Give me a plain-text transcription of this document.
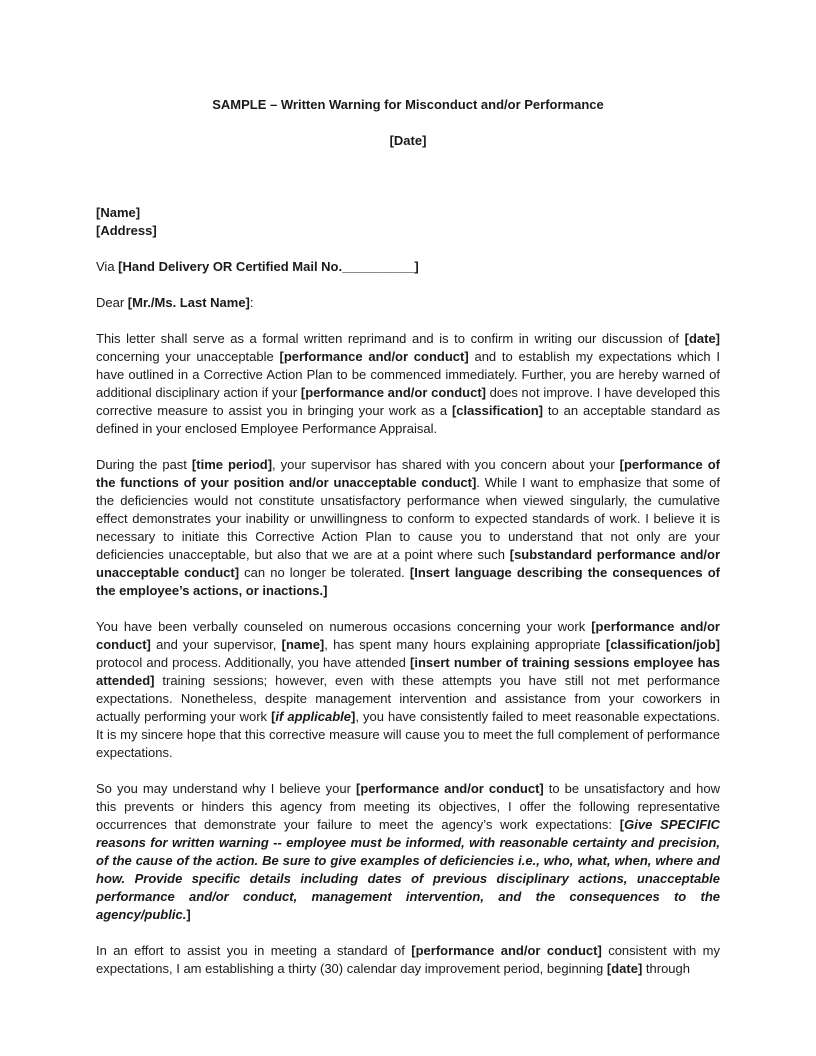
SAMPLE – Written Warning for Misconduct and/or Performance

[Date]

[Name]

[Address]

Via [Hand Delivery OR Certified Mail No.__________]

Dear [Mr./Ms. Last Name]:

This letter shall serve as a formal written reprimand and is to confirm in writing our discussion of [date] concerning your unacceptable [performance and/or conduct] and to establish my expectations which I have outlined in a Corrective Action Plan to be commenced immediately. Further, you are hereby warned of additional disciplinary action if your [performance and/or conduct] does not improve. I have developed this corrective measure to assist you in bringing your work as a [classification] to an acceptable standard as defined in your enclosed Employee Performance Appraisal.

During the past [time period], your supervisor has shared with you concern about your [performance of the functions of your position and/or unacceptable conduct]. While I want to emphasize that some of the deficiencies would not constitute unsatisfactory performance when viewed singularly, the cumulative effect demonstrates your inability or unwillingness to conform to expected standards of work. I believe it is necessary to initiate this Corrective Action Plan to cause you to understand that not only are your deficiencies unacceptable, but also that we are at a point where such [substandard performance and/or unacceptable conduct] can no longer be tolerated. [Insert language describing the consequences of the employee’s actions, or inactions.]

You have been verbally counseled on numerous occasions concerning your work [performance and/or conduct] and your supervisor, [name], has spent many hours explaining appropriate [classification/job] protocol and process. Additionally, you have attended [insert number of training sessions employee has attended] training sessions; however, even with these attempts you have still not met performance expectations. Nonetheless, despite management intervention and assistance from your coworkers in actually performing your work [if applicable], you have consistently failed to meet reasonable expectations. It is my sincere hope that this corrective measure will cause you to meet the full complement of performance expectations.

So you may understand why I believe your [performance and/or conduct] to be unsatisfactory and how this prevents or hinders this agency from meeting its objectives, I offer the following representative occurrences that demonstrate your failure to meet the agency’s work expectations: [Give SPECIFIC reasons for written warning -- employee must be informed, with reasonable certainty and precision, of the cause of the action. Be sure to give examples of deficiencies i.e., who, what, when, where and how. Provide specific details including dates of previous disciplinary actions, unacceptable performance and/or conduct, management intervention, and the consequences to the agency/public.]

In an effort to assist you in meeting a standard of [performance and/or conduct] consistent with my expectations, I am establishing a thirty (30) calendar day improvement period, beginning [date] through
